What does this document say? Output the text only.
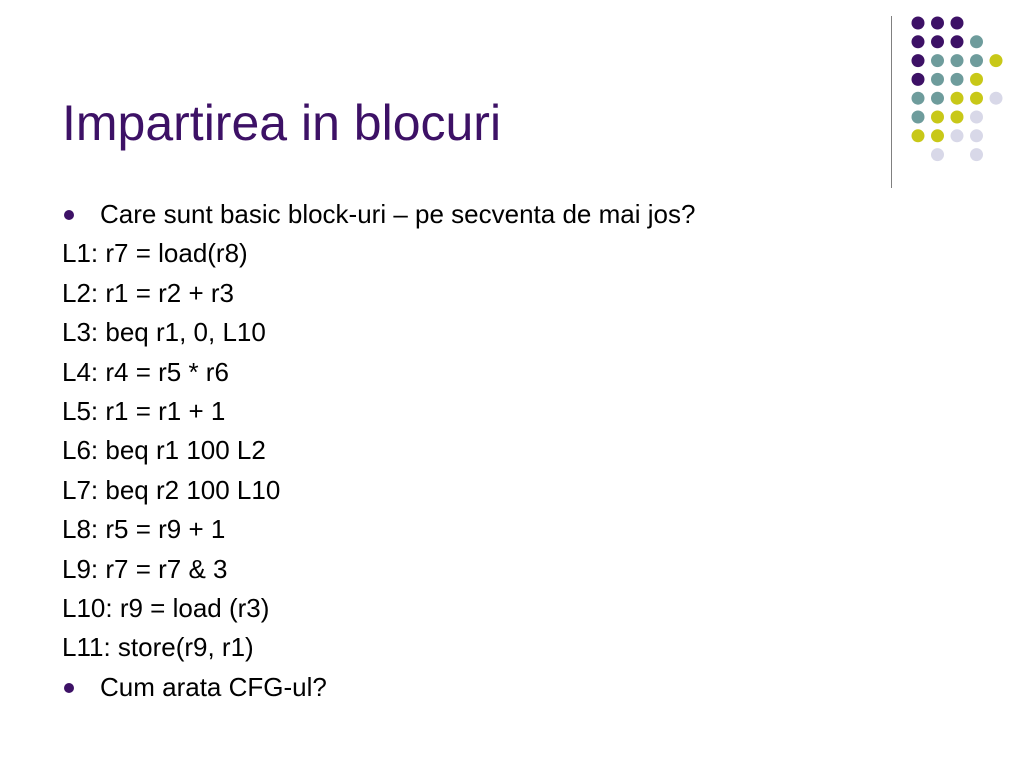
Impartirea in blocuri
Care sunt basic block-uri – pe secventa de mai jos?
L1: r7 = load(r8)
L2: r1 = r2 + r3
L3: beq r1, 0, L10
L4: r4 = r5 * r6
L5: r1 = r1 + 1
L6: beq r1 100 L2
L7: beq r2 100 L10
L8: r5 = r9 + 1
L9: r7 = r7 & 3
L10: r9 = load (r3)
L11: store(r9, r1)
Cum arata CFG-ul?
